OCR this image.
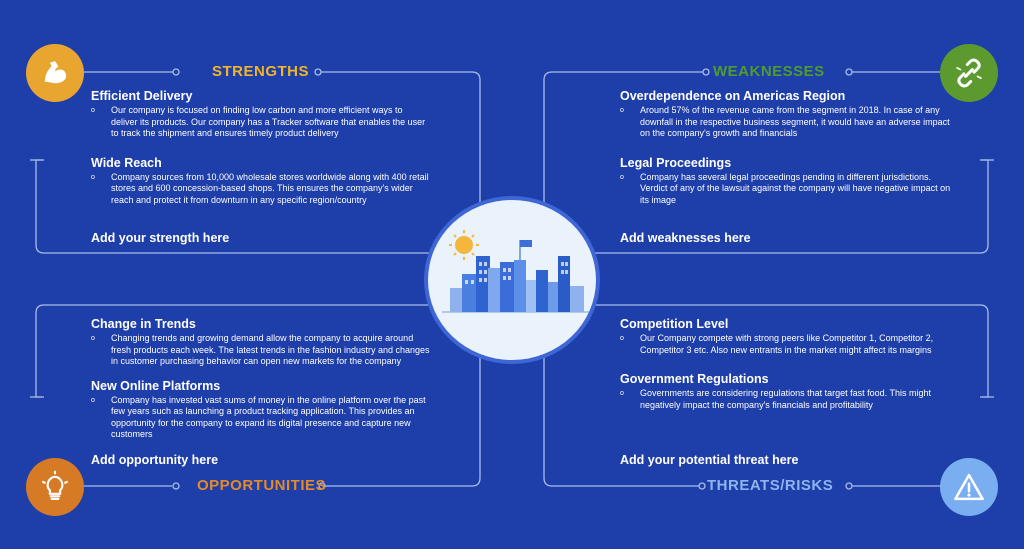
STRENGTHS	WEAKNESSES
OPPORTUNITIES	THREATS/RISKS
Efficient Delivery
o	Our company is focused on finding low carbon and more efficient ways to deliver its products. Our company has a Tracker software that enables the user to track the shipment and ensures timely product delivery
Wide Reach
o	Company sources from 10,000 wholesale stores worldwide along with 400 retail stores and 600 concession-based shops. This ensures the company's wider reach and protect it from downturn in any specific region/country
Add your strength here
Overdependence on Americas Region
o	Around 57% of the revenue came from the segment in 2018. In case of any downfall in the respective business segment, it would have an adverse impact on the company's growth and financials
Legal Proceedings
o	Company has several legal proceedings pending in different jurisdictions. Verdict of any of the lawsuit against the company will have negative impact on its image
Add weaknesses here
Change in Trends
o	Changing trends and growing demand allow the company to acquire around fresh products each week. The latest trends in the fashion industry and changes in customer purchasing behavior can open new markets for the company
New Online Platforms
o	Company has invested vast sums of money in the online platform over the past few years such as launching a product tracking application. This provides an opportunity for the company to expand its digital presence and capture new customers
Add opportunity here
Competition Level
o	Our Company compete with strong peers like Competitor 1, Competitor 2, Competitor 3 etc. Also new entrants in the market might affect its margins
Government Regulations
o	Governments are considering regulations that target fast food. This might negatively impact the company's financials and profitability
Add your potential threat here
